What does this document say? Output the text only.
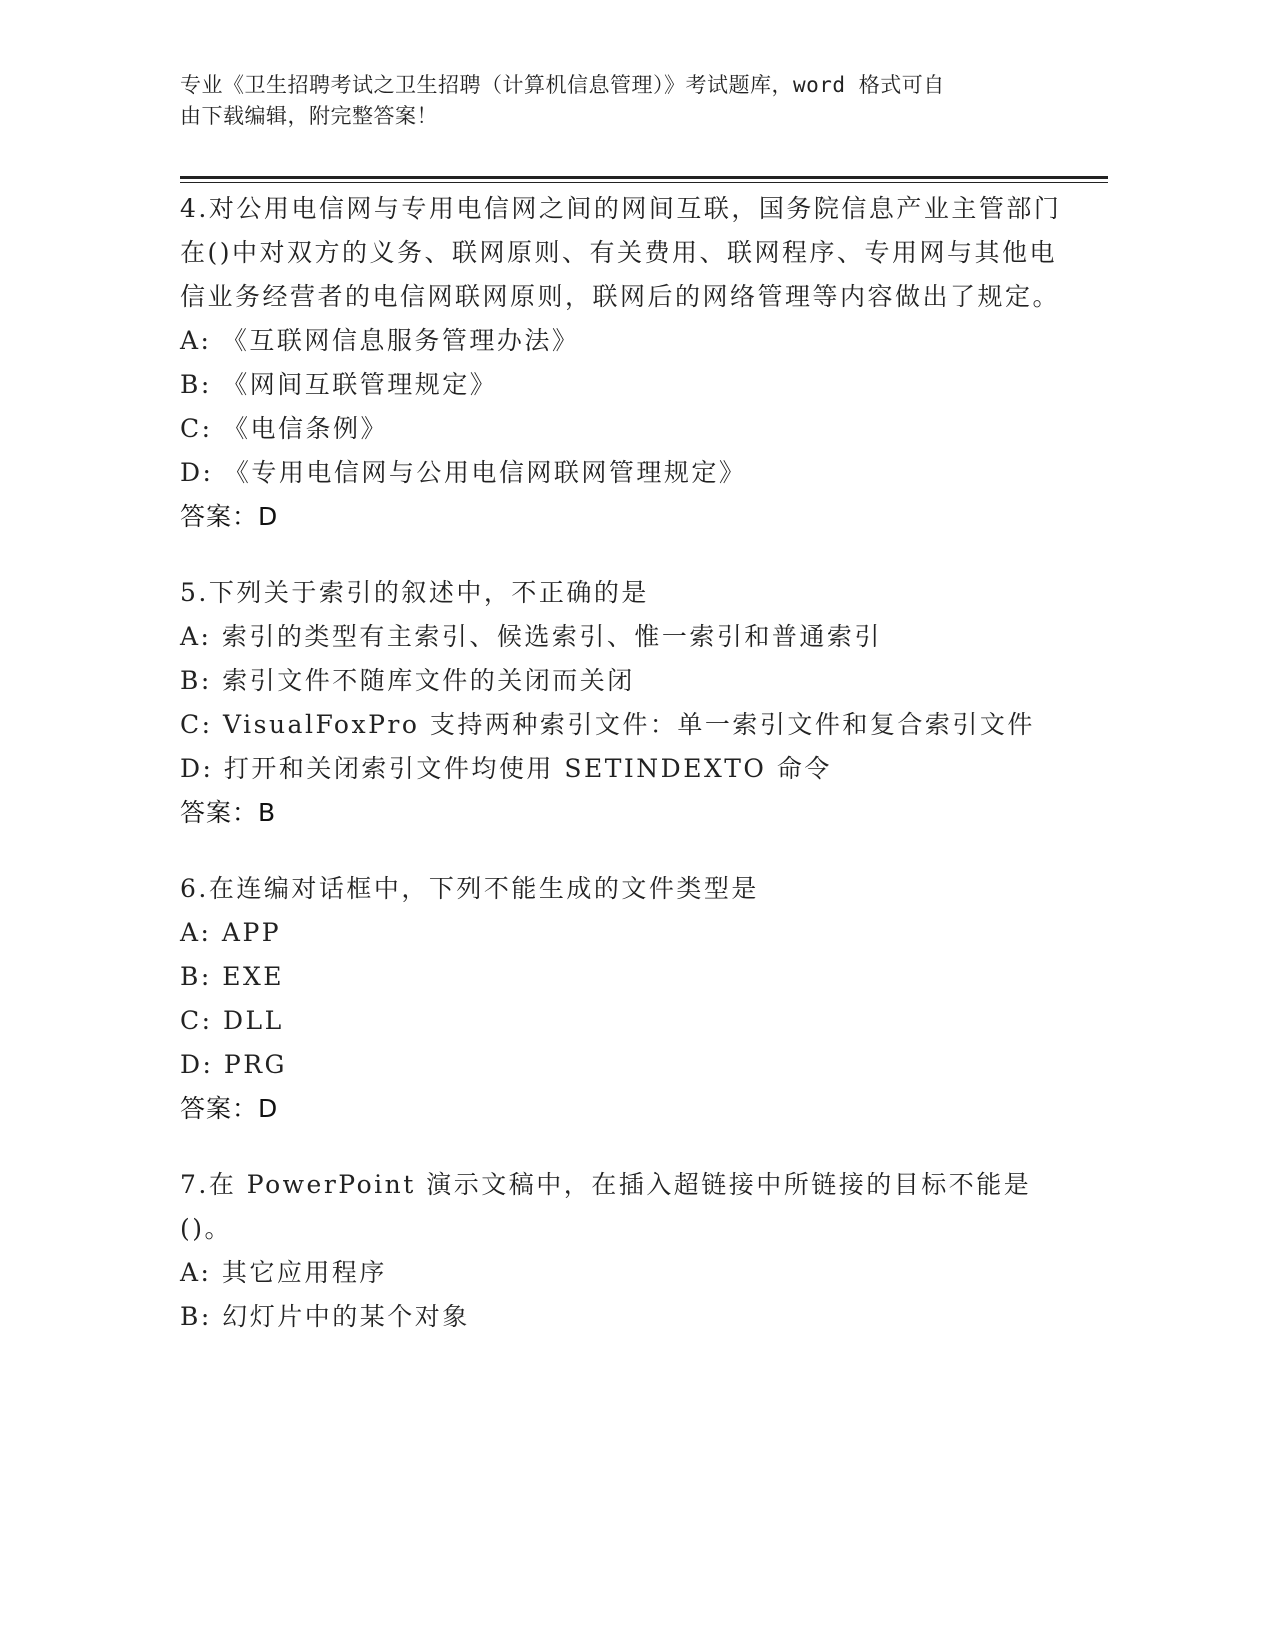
专业《卫生招聘考试之卫生招聘（计算机信息管理）》考试题库，word 格式可自
由下载编辑，附完整答案！

4.对公用电信网与专用电信网之间的网间互联，国务院信息产业主管部门在()中对双方的义务、联网原则、有关费用、联网程序、专用网与其他电信业务经营者的电信网联网原则，联网后的网络管理等内容做出了规定。

A: 《互联网信息服务管理办法》
B: 《网间互联管理规定》
C: 《电信条例》
D: 《专用电信网与公用电信网联网管理规定》
答案：D

5.下列关于索引的叙述中，不正确的是

A: 索引的类型有主索引、候选索引、惟一索引和普通索引
B: 索引文件不随库文件的关闭而关闭
C: VisualFoxPro 支持两种索引文件：单一索引文件和复合索引文件
D: 打开和关闭索引文件均使用 SETINDEXTO 命令
答案：B

6.在连编对话框中，下列不能生成的文件类型是

A: APP
B: EXE
C: DLL
D: PRG
答案：D

7.在 PowerPoint 演示文稿中，在插入超链接中所链接的目标不能是()。

A: 其它应用程序
B: 幻灯片中的某个对象
